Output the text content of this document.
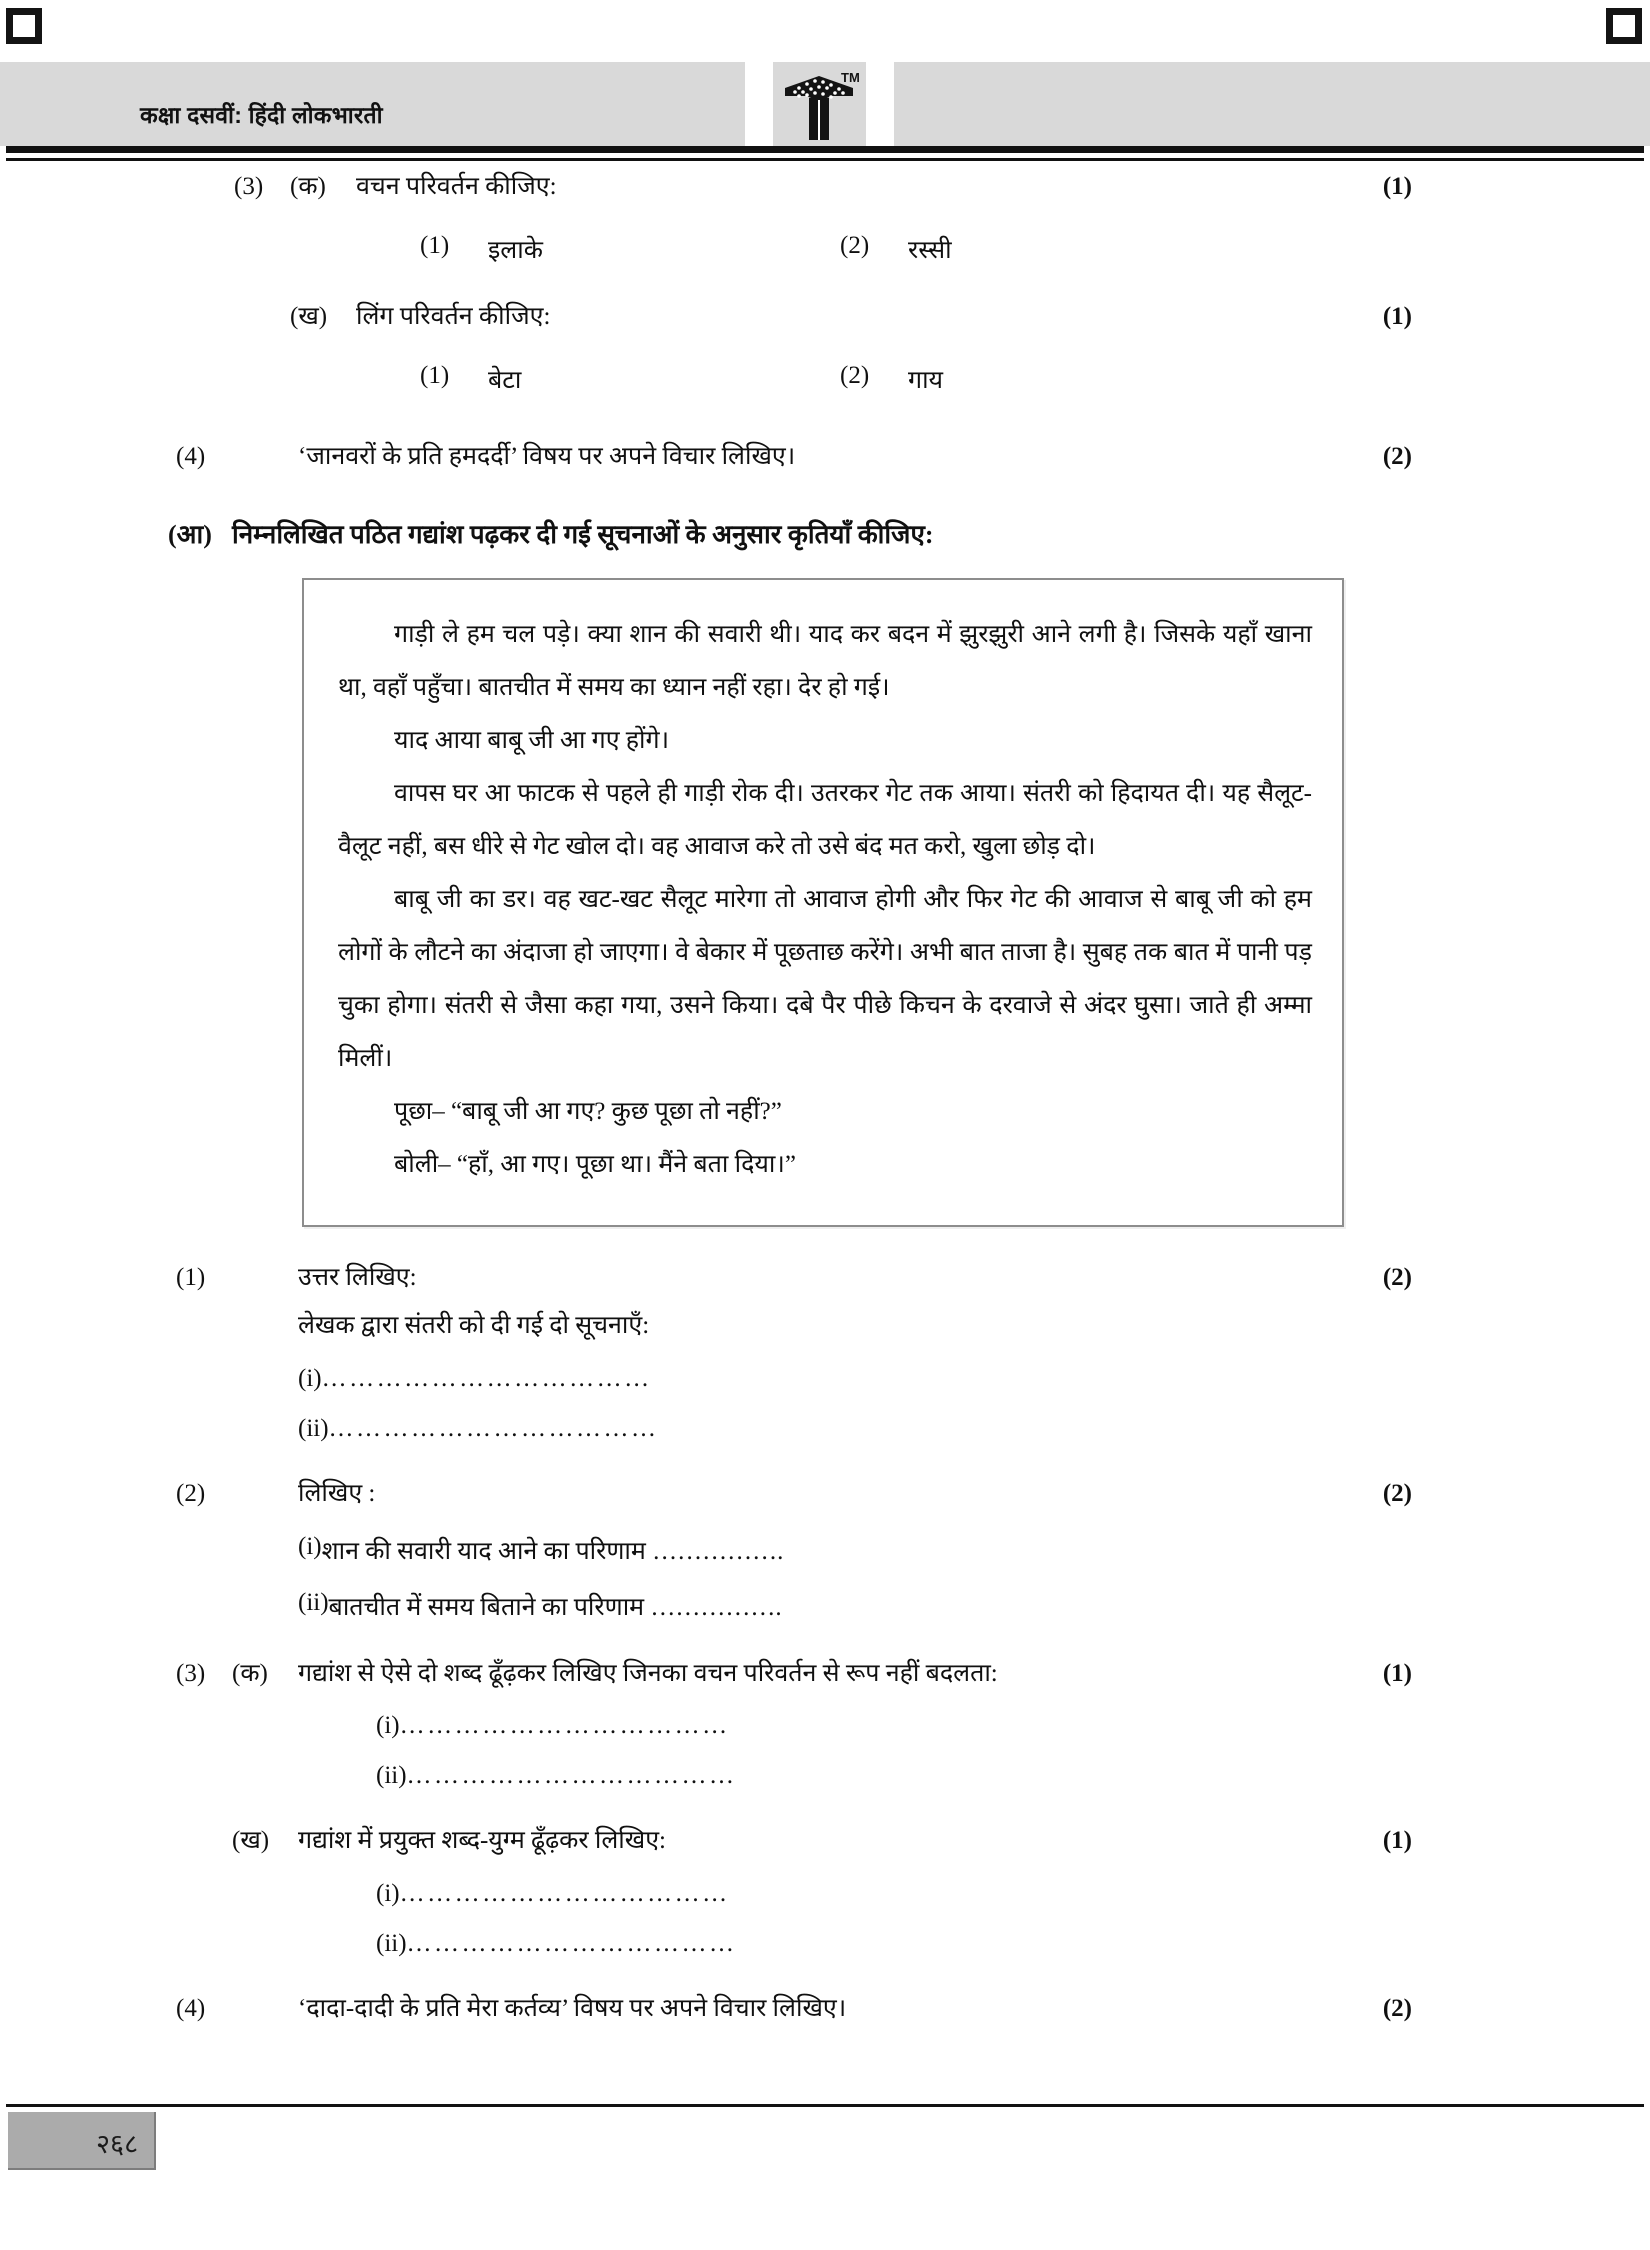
कक्षा दसवीं: हिंदी लोकभारती
TM
(3)	(क)	वचन परिवर्तन कीजिए:	(1)
(1)	इलाके	(2)	रस्सी
(ख)	लिंग परिवर्तन कीजिए:	(1)
(1)	बेटा	(2)	गाय
(4)	‘जानवरों के प्रति हमदर्दी’ विषय पर अपने विचार लिखिए।	(2)
(आ) निम्नलिखित पठित गद्यांश पढ़कर दी गई सूचनाओं के अनुसार कृतियाँ कीजिए:

गाड़ी ले हम चल पड़े। क्या शान की सवारी थी। याद कर बदन में झुरझुरी आने लगी है। जिसके यहाँ खाना था, वहाँ पहुँचा। बातचीत में समय का ध्यान नहीं रहा। देर हो गई।

याद आया बाबू जी आ गए होंगे।

वापस घर आ फाटक से पहले ही गाड़ी रोक दी। उतरकर गेट तक आया। संतरी को हिदायत दी। यह सैलूट-वैलूट नहीं, बस धीरे से गेट खोल दो। वह आवाज करे तो उसे बंद मत करो, खुला छोड़ दो।

बाबू जी का डर। वह खट-खट सैलूट मारेगा तो आवाज होगी और फिर गेट की आवाज से बाबू जी को हम लोगों के लौटने का अंदाजा हो जाएगा। वे बेकार में पूछताछ करेंगे। अभी बात ताजा है। सुबह तक बात में पानी पड़ चुका होगा। संतरी से जैसा कहा गया, उसने किया। दबे पैर पीछे किचन के दरवाजे से अंदर घुसा। जाते ही अम्मा मिलीं।

पूछा– “बाबू जी आ गए? कुछ पूछा तो नहीं?”

बोली– “हाँ, आ गए। पूछा था। मैंने बता दिया।”

(1)	उत्तर लिखिए:	(2)
लेखक द्वारा संतरी को दी गई दो सूचनाएँ:
(i) ………………………………
(ii) ………………………………
(2)	लिखिए :	(2)
(i) शान की सवारी याद आने का परिणाम …………….
(ii) बातचीत में समय बिताने का परिणाम …………….
(3)	(क)	गद्यांश से ऐसे दो शब्द ढूँढ़कर लिखिए जिनका वचन परिवर्तन से रूप नहीं बदलता:	(1)
(i) ………………………………
(ii) ………………………………
(ख)	गद्यांश में प्रयुक्त शब्द-युग्म ढूँढ़कर लिखिए:	(1)
(i) ………………………………
(ii) ………………………………
(4)	‘दादा-दादी के प्रति मेरा कर्तव्य’ विषय पर अपने विचार लिखिए।	(2)
२६८
